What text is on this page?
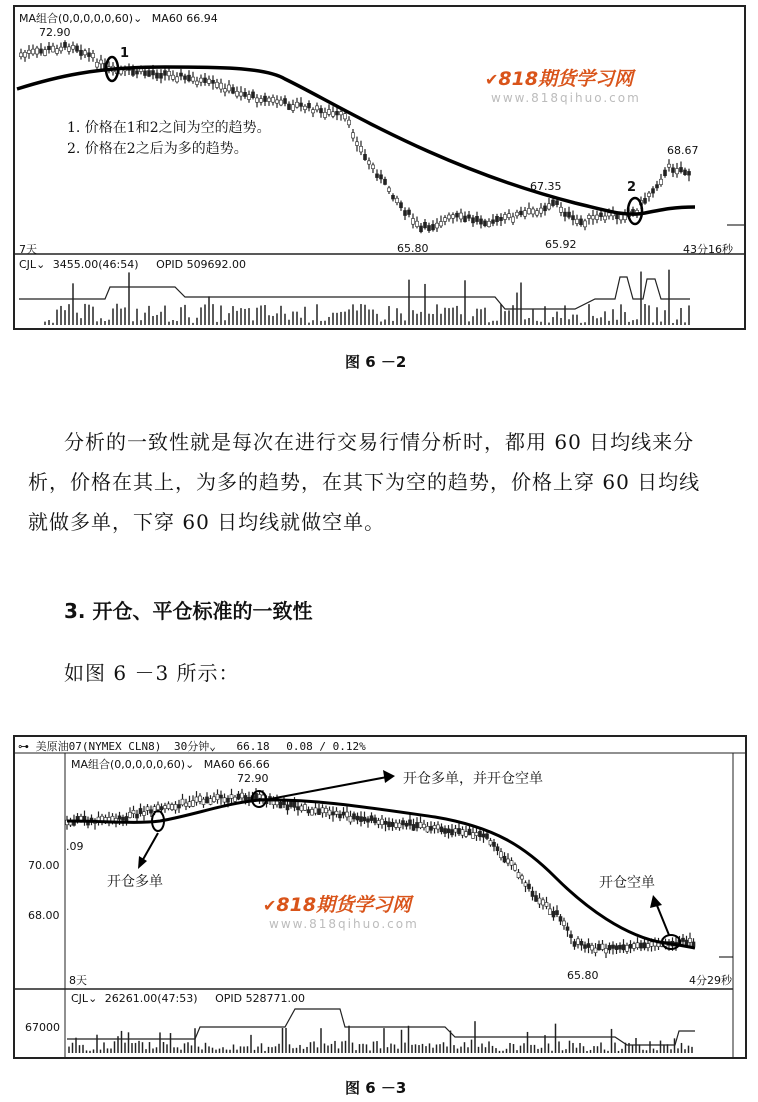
MA组合(0,0,0,0,0,60)⌄ MA60 66.94
72.90
1
2
1. 价格在1和2之间为空的趋势。
2. 价格在2之后为多的趋势。	68.67
67.35
65.80	65.92
7天	43分16秒
CJL⌄ 3455.00(46:54) OPID 509692.00
✔818期货学习网
www.818qihuo.com
图 6 －2
分析的一致性就是每次在进行交易行情分析时，都用 60 日均线来分
析，价格在其上，为多的趋势，在其下为空的趋势，价格上穿 60 日均线
就做多单，下穿 60 日均线就做空单。
3. 开仓、平仓标准的一致性
如图 6 －3 所示：
⊶ 美原油07(NYMEX CLN8) 30分钟⌄ 66.18 0.08 / 0.12%
MA组合(0,0,0,0,0,60)⌄ MA60 66.66
72.90
70.00
68.00
.09
开仓多单
开仓多单，并开仓空单
开仓空单
65.80
8天	4分29秒
CJL⌄ 26261.00(47:53) OPID 528771.00
67000
✔818期货学习网
www.818qihuo.com
图 6 －3
